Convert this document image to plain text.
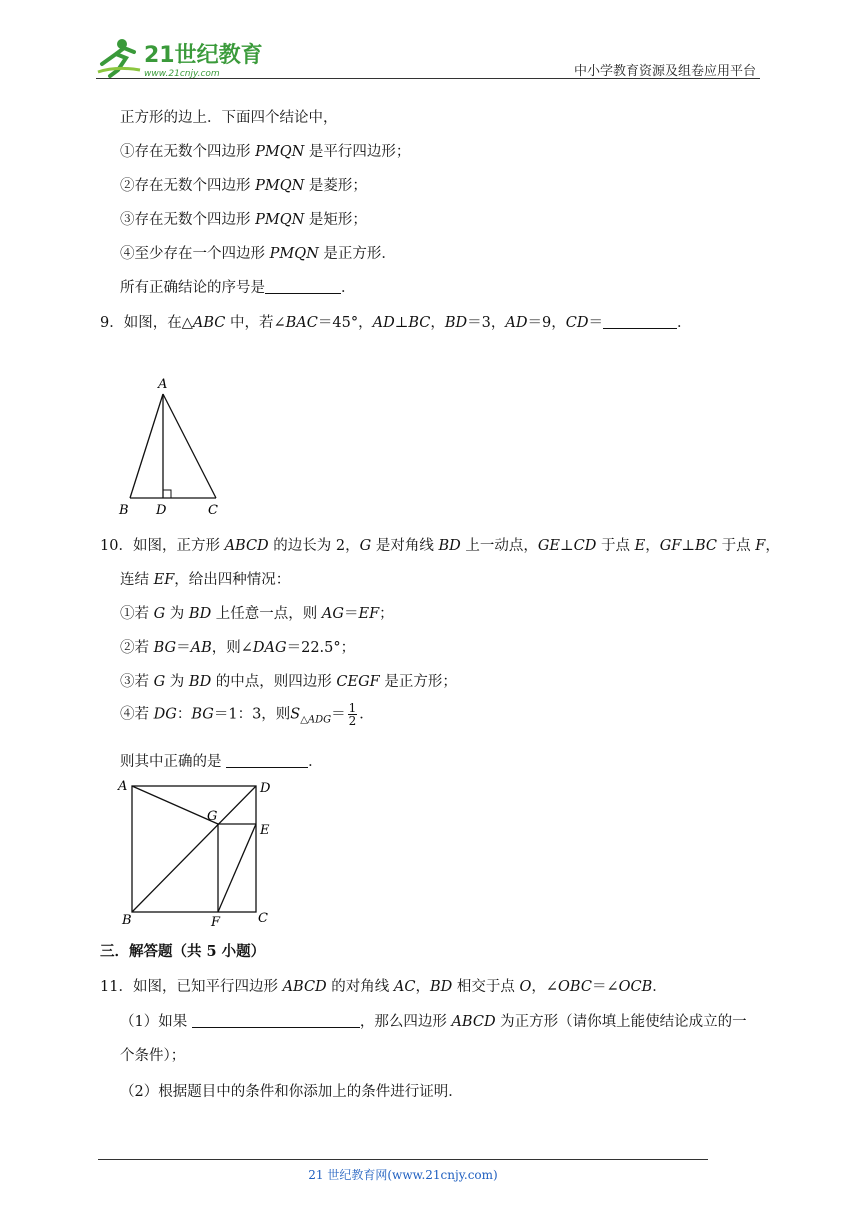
21世纪教育
www.21cnjy.com	中小学教育资源及组卷应用平台
正方形的边上．下面四个结论中，
①存在无数个四边形 PMQN 是平行四边形；
②存在无数个四边形 PMQN 是菱形；
③存在无数个四边形 PMQN 是矩形；
④至少存在一个四边形 PMQN 是正方形．
所有正确结论的序号是	．
9．如图，在△ABC 中，若∠BAC＝45°，AD⊥BC，BD＝3，AD＝9，CD＝	．
A
B D	C
10．如图，正方形 ABCD 的边长为 2，G 是对角线 BD 上一动点，GE⊥CD 于点 E，GF⊥BC 于点 F，
连结 EF，给出四种情况：
①若 G 为 BD 上任意一点，则 AG＝EF；
②若 BG＝AB，则∠DAG＝22.5°；
③若 G 为 BD 的中点，则四边形 CEGF 是正方形；
④若 DG：BG＝1：3，则$S_{\triangle ADG}= \frac{1}{2}$ ．
则其中正确的是	．
A	D
G
E
B	F	C
三．解答题（共 5 小题）
11．如图，已知平行四边形 ABCD 的对角线 AC，BD 相交于点 O，∠OBC＝∠OCB．
（1）如果	，那么四边形 ABCD 为正方形（请你填上能使结论成立的一
个条件）；
（2）根据题目中的条件和你添加上的条件进行证明．
21 世纪教育网(www.21cnjy.com)
